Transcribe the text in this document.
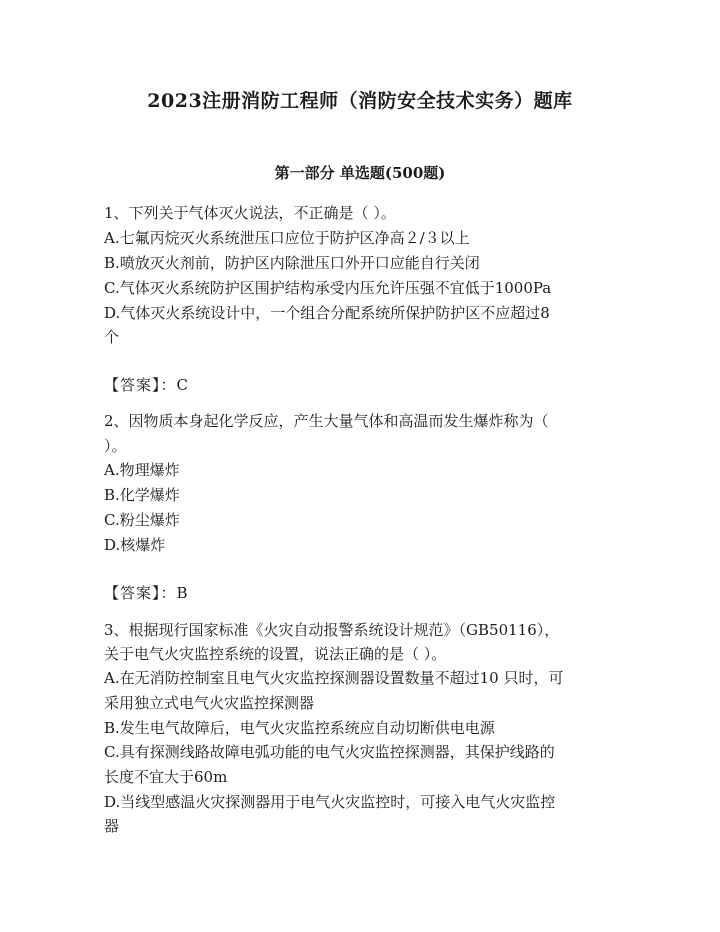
2023注册消防工程师（消防安全技术实务）题库
第一部分 单选题(500题)
1、下列关于气体灭火说法，不正确是（ ）。
A.七氟丙烷灭火系统泄压口应位于防护区净高２/３以上
B.喷放灭火剂前，防护区内除泄压口外开口应能自行关闭
C.气体灭火系统防护区围护结构承受内压允许压强不宜低于1000Pa
D.气体灭火系统设计中，一个组合分配系统所保护防护区不应超过8
个
【答案】：C
2、因物质本身起化学反应，产生大量气体和高温而发生爆炸称为（
）。
A.物理爆炸
B.化学爆炸
C.粉尘爆炸
D.核爆炸
【答案】：B
3、根据现行国家标准《火灾自动报警系统设计规范》（GB50116），
关于电气火灾监控系统的设置，说法正确的是（ ）。
A.在无消防控制室且电气火灾监控探测器设置数量不超过10 只时，可
采用独立式电气火灾监控探测器
B.发生电气故障后，电气火灾监控系统应自动切断供电电源
C.具有探测线路故障电弧功能的电气火灾监控探测器，其保护线路的
长度不宜大于60m
D.当线型感温火灾探测器用于电气火灾监控时，可接入电气火灾监控
器
